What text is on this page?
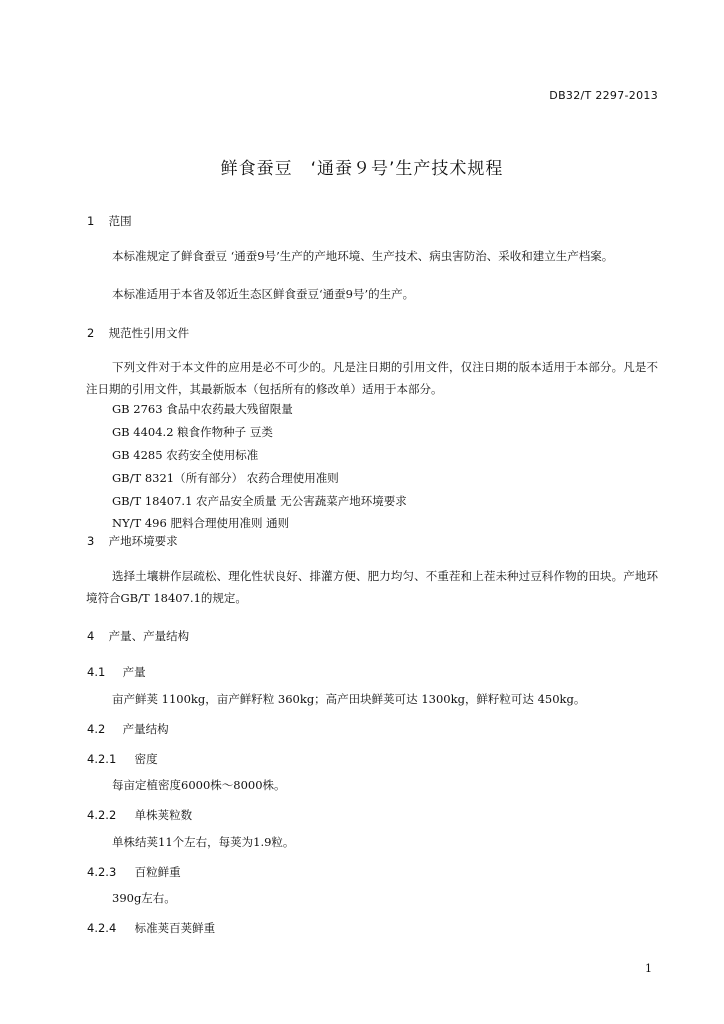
DB32/T 2297-2013
鲜食蚕豆　‘通蚕９号’生产技术规程
1 范围
本标准规定了鲜食蚕豆 ‘通蚕9号’生产的产地环境、生产技术、病虫害防治、采收和建立生产档案。
本标准适用于本省及邻近生态区鲜食蚕豆‘通蚕9号’的生产。
2 规范性引用文件
下列文件对于本文件的应用是必不可少的。凡是注日期的引用文件，仅注日期的版本适用于本部分。凡是不注日期的引用文件，其最新版本（包括所有的修改单）适用于本部分。
GB 2763 食品中农药最大残留限量
GB 4404.2 粮食作物种子 豆类
GB 4285 农药安全使用标准
GB/T 8321（所有部分） 农药合理使用准则
GB/T 18407.1 农产品安全质量 无公害蔬菜产地环境要求
NY/T 496 肥料合理使用准则 通则
3 产地环境要求
选择土壤耕作层疏松、理化性状良好、排灌方便、肥力均匀、不重茬和上茬未种过豆科作物的田块。产地环境符合GB/T 18407.1的规定。
4 产量、产量结构
4.1 产量
亩产鲜荚 1100kg，亩产鲜籽粒 360kg；高产田块鲜荚可达 1300kg，鲜籽粒可达 450kg。
4.2 产量结构
4.2.1 密度
每亩定植密度6000株～8000株。
4.2.2 单株荚粒数
单株结荚11个左右，每荚为1.9粒。
4.2.3 百粒鲜重
390g左右。
4.2.4 标准荚百荚鲜重
1
